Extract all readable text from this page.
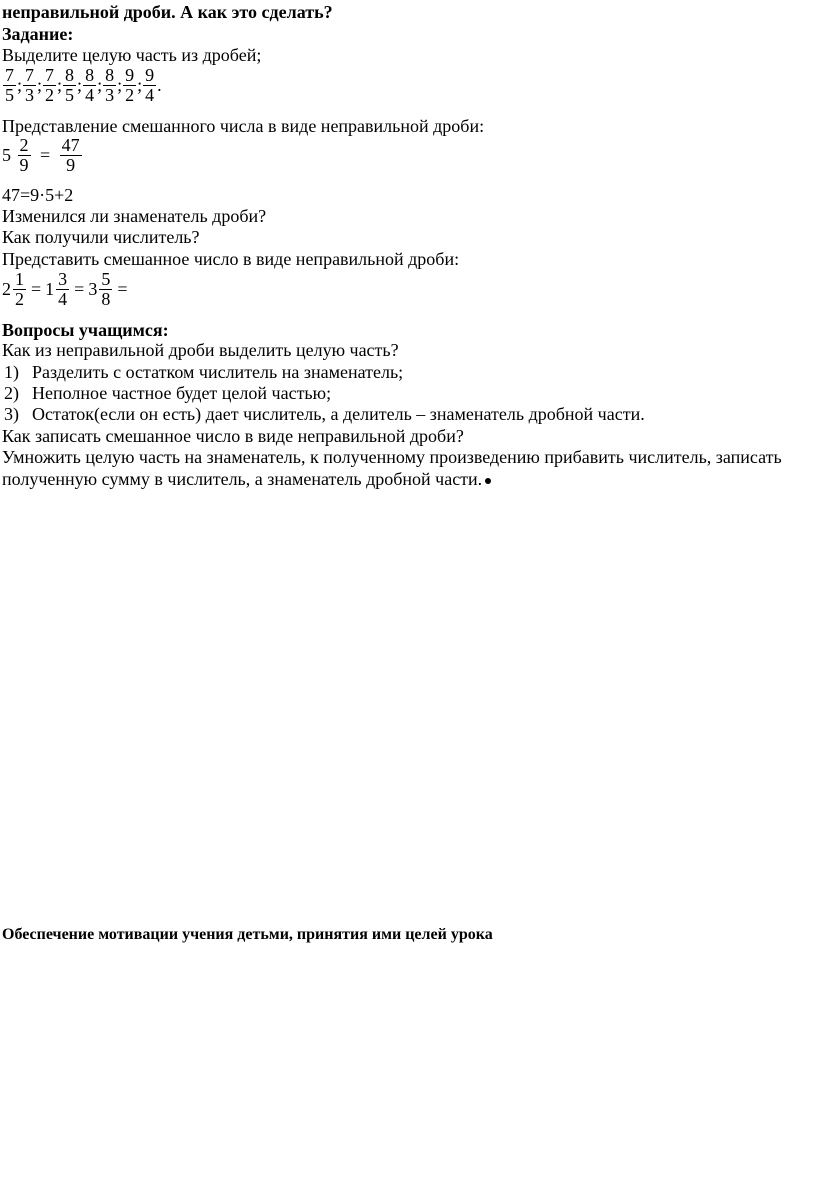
неправильной дроби. А как это сделать?
Задание:
Выделите целую часть из дробей;
$\frac{7}{5}$ ; $\frac{7}{3}$ ; $\frac{7}{2}$ ; $\frac{8}{5}$ ; $\frac{8}{4}$ ; $\frac{8}{3}$ ; $\frac{9}{2}$ ; $\frac{9}{4}$ .
Представление смешанного числа в виде неправильной дроби:
$5 \frac{2}{9} = \frac{47}{9}$
47=9·5+2
Изменился ли знаменатель дроби?
Как получили числитель?
Представить смешанное число в виде неправильной дроби:
$2 \frac{1}{2} = 1 \frac{3}{4} = 3 \frac{5}{8}$ =
Вопросы учащимся:
Как из неправильной дроби выделить целую часть?
1) Разделить с остатком числитель на знаменатель;
2) Неполное частное будет целой частью;
3) Остаток(если он есть) дает числитель, а делитель – знаменатель дробной части.
Как записать смешанное число в виде неправильной дроби?
Умножить целую часть на знаменатель, к полученному произведению прибавить числитель, записать полученную сумму в числитель, а знаменатель дробной части.
Обеспечение мотивации учения детьми, принятия ими целей урока
